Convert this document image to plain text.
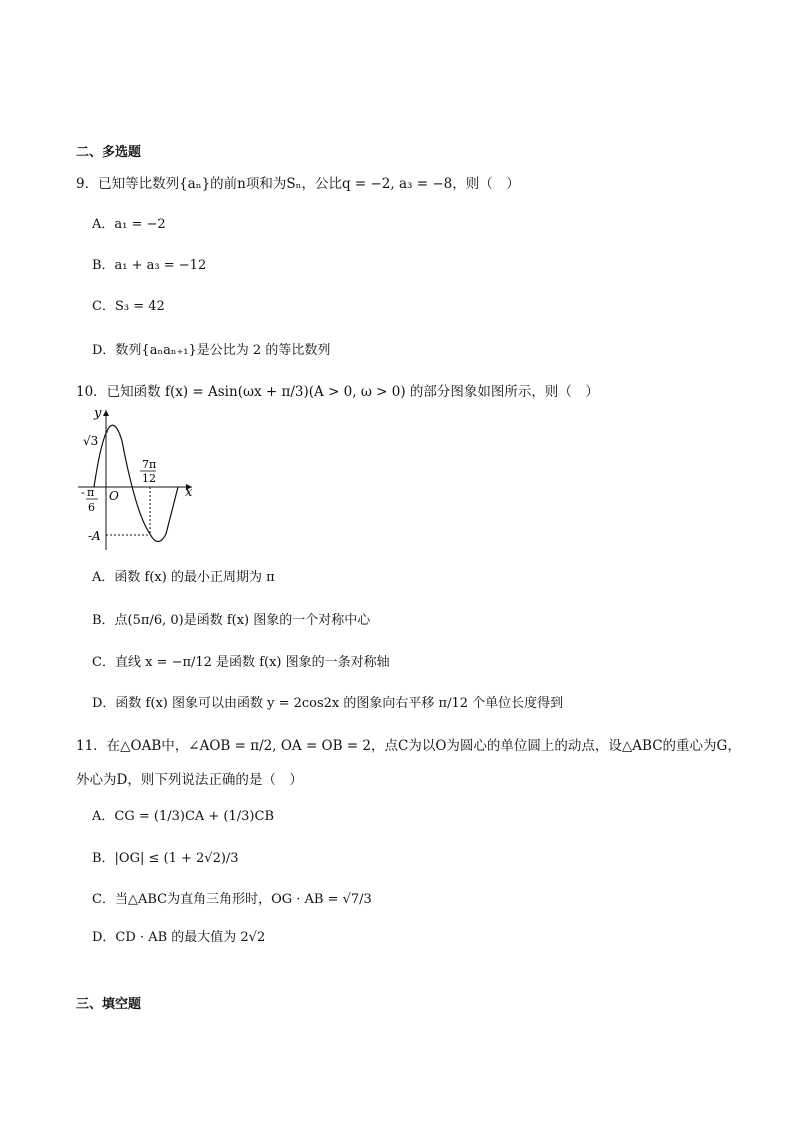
二、多选题
9．已知等比数列{aₙ}的前n项和为Sₙ，公比q = −2, a₃ = −8，则（　）
A．a₁ = −2
B．a₁ + a₃ = −12
C．S₃ = 42
D．数列{aₙaₙ₊₁}是公比为 2 的等比数列
10．已知函数 f(x) = Asin(ωx + π/3)(A > 0, ω > 0) 的部分图象如图所示，则（　）
y
x
O
√3
-A
- π
6
7π
12
A．函数 f(x) 的最小正周期为 π
B．点(5π/6, 0)是函数 f(x) 图象的一个对称中心
C．直线 x = −π/12 是函数 f(x) 图象的一条对称轴
D．函数 f(x) 图象可以由函数 y = 2cos2x 的图象向右平移 π/12 个单位长度得到
11．在△OAB中，∠AOB = π/2, OA = OB = 2，点C为以O为圆心的单位圆上的动点，设△ABC的重心为G，
外心为D，则下列说法正确的是（　）
A．CG = (1/3)CA + (1/3)CB
B．|OG| ≤ (1 + 2√2)/3
C．当△ABC为直角三角形时，OG · AB = √7/3
D．CD · AB 的最大值为 2√2
三、填空题
